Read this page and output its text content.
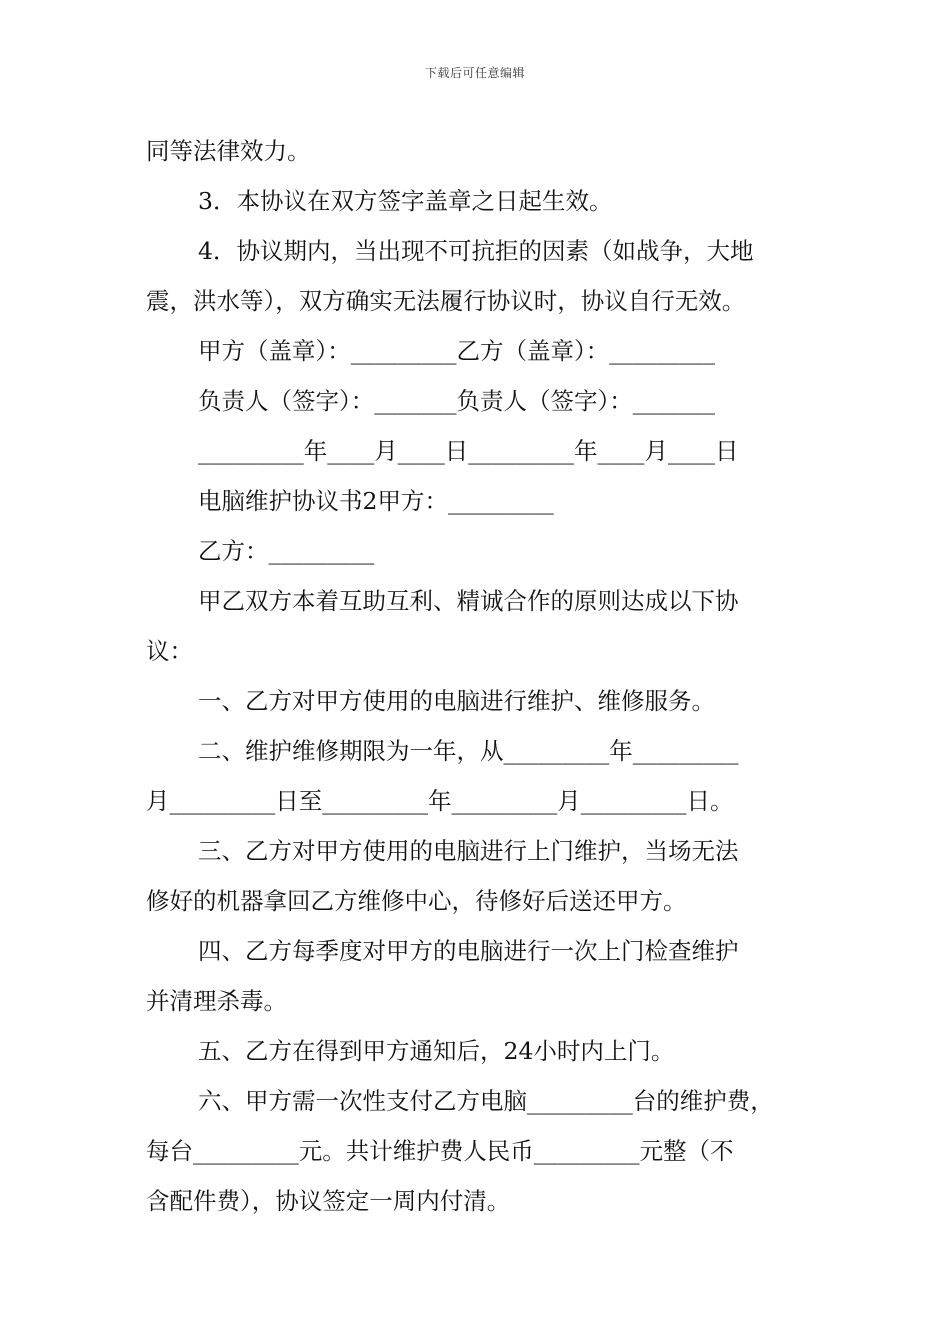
下载后可任意编辑
同等法律效力。
3．本协议在双方签字盖章之日起生效。
4．协议期内，当出现不可抗拒的因素（如战争，大地
震，洪水等），双方确实无法履行协议时，协议自行无效。
甲方（盖章）：_________乙方（盖章）：_________
负责人（签字）：_______负责人（签字）：_______
_________年____月____日_________年____月____日
电脑维护协议书2甲方：_________
乙方：_________
甲乙双方本着互助互利、精诚合作的原则达成以下协
议：
一、乙方对甲方使用的电脑进行维护、维修服务。
二、维护维修期限为一年，从_________年_________
月_________日至_________年_________月_________日。
三、乙方对甲方使用的电脑进行上门维护，当场无法
修好的机器拿回乙方维修中心，待修好后送还甲方。
四、乙方每季度对甲方的电脑进行一次上门检查维护
并清理杀毒。
五、乙方在得到甲方通知后，24小时内上门。
六、甲方需一次性支付乙方电脑_________台的维护费，
每台_________元。共计维护费人民币_________元整（不
含配件费），协议签定一周内付清。
